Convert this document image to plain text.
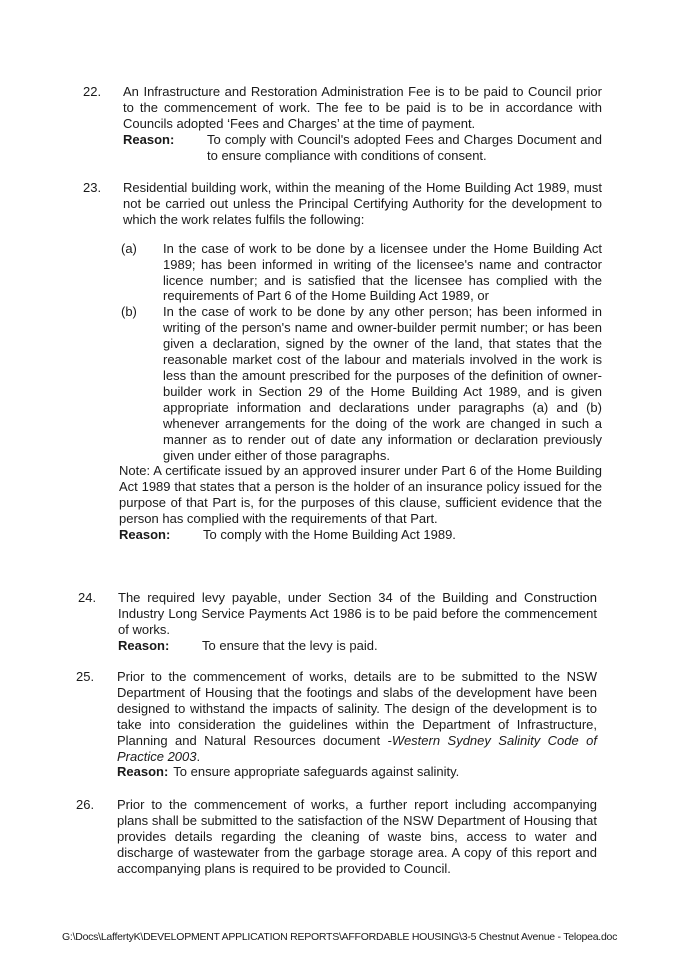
22. An Infrastructure and Restoration Administration Fee is to be paid to Council prior to the commencement of work. The fee to be paid is to be in accordance with Councils adopted ‘Fees and Charges’ at the time of payment.

Reason:	To comply with Council's adopted Fees and Charges Document and to ensure compliance with conditions of consent.
23. Residential building work, within the meaning of the Home Building Act 1989, must not be carried out unless the Principal Certifying Authority for the development to which the work relates fulfils the following:

(a) In the case of work to be done by a licensee under the Home Building Act 1989; has been informed in writing of the licensee's name and contractor licence number; and is satisfied that the licensee has complied with the requirements of Part 6 of the Home Building Act 1989, or

(b) In the case of work to be done by any other person; has been informed in writing of the person's name and owner-builder permit number; or has been given a declaration, signed by the owner of the land, that states that the reasonable market cost of the labour and materials involved in the work is less than the amount prescribed for the purposes of the definition of owner-builder work in Section 29 of the Home Building Act 1989, and is given appropriate information and declarations under paragraphs (a) and (b) whenever arrangements for the doing of the work are changed in such a manner as to render out of date any information or declaration previously given under either of those paragraphs.

Note: A certificate issued by an approved insurer under Part 6 of the Home Building Act 1989 that states that a person is the holder of an insurance policy issued for the purpose of that Part is, for the purposes of this clause, sufficient evidence that the person has complied with the requirements of that Part.

Reason:	To comply with the Home Building Act 1989.
24. The required levy payable, under Section 34 of the Building and Construction Industry Long Service Payments Act 1986 is to be paid before the commencement of works.

Reason:	To ensure that the levy is paid.
25. Prior to the commencement of works, details are to be submitted to the NSW Department of Housing that the footings and slabs of the development have been designed to withstand the impacts of salinity. The design of the development is to take into consideration the guidelines within the Department of Infrastructure, Planning and Natural Resources document -Western Sydney Salinity Code of Practice 2003.

Reason: To ensure appropriate safeguards against salinity.
26. Prior to the commencement of works, a further report including accompanying plans shall be submitted to the satisfaction of the NSW Department of Housing that provides details regarding the cleaning of waste bins, access to water and discharge of wastewater from the garbage storage area. A copy of this report and accompanying plans is required to be provided to Council.

G:\Docs\LaffertyK\DEVELOPMENT APPLICATION REPORTS\AFFORDABLE HOUSING\3-5 Chestnut Avenue - Telopea.doc
